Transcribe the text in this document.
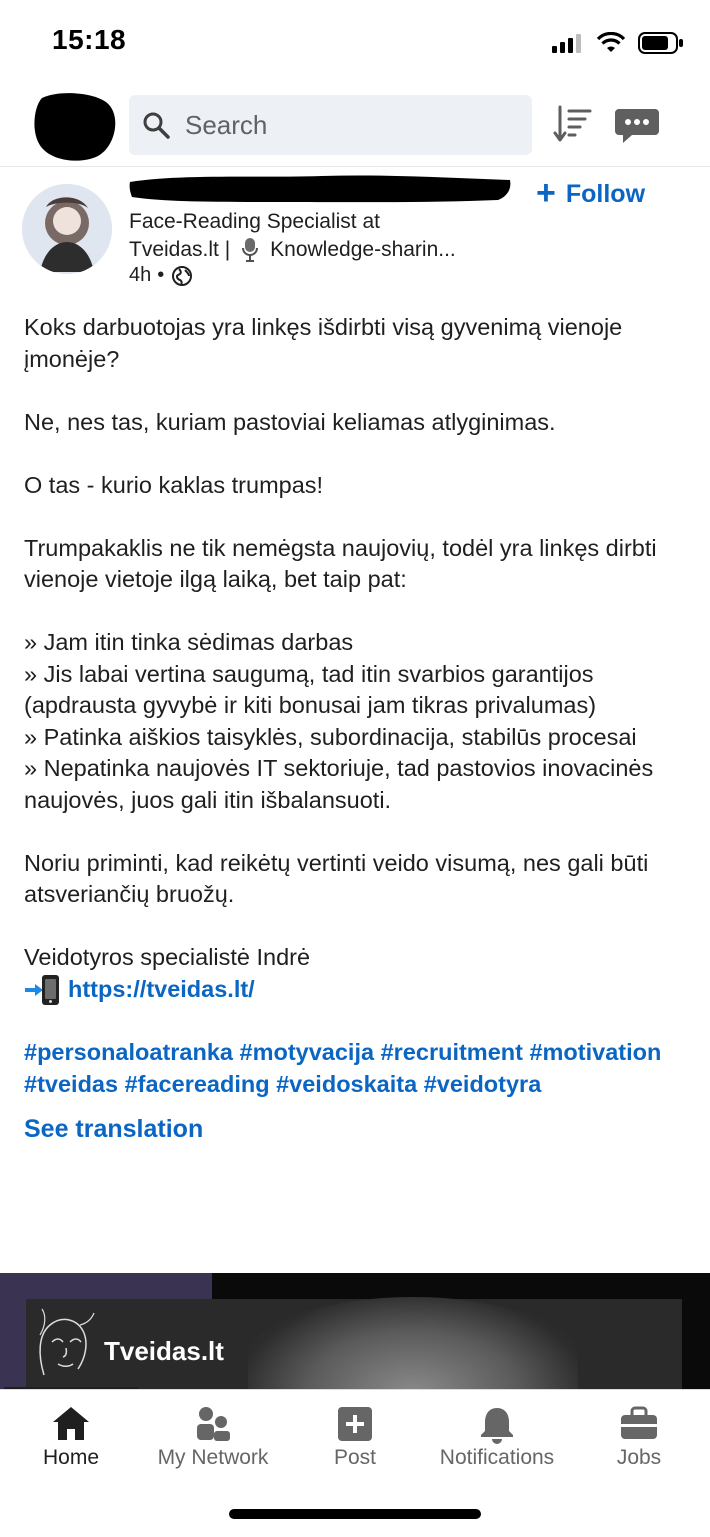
15:18
Search
+ Follow
Face-Reading Specialist at
Tveidas.lt | Knowledge-sharin...
4h •

Koks darbuotojas yra linkęs išdirbti visą gyvenimą vienoje įmonėje?

Ne, nes tas, kuriam pastoviai keliamas atlyginimas.

O tas - kurio kaklas trumpas!

Trumpakaklis ne tik nemėgsta naujovių, todėl yra linkęs dirbti vienoje vietoje ilgą laiką, bet taip pat:

» Jam itin tinka sėdimas darbas

» Jis labai vertina saugumą, tad itin svarbios garantijos (apdrausta gyvybė ir kiti bonusai jam tikras privalumas)

» Patinka aiškios taisyklės, subordinacija, stabilūs procesai

» Nepatinka naujovės IT sektoriuje, tad pastovios inovacinės naujovės, juos gali itin išbalansuoti.

Noriu priminti, kad reikėtų vertinti veido visumą, nes gali būti atsveriančių bruožų.

Veidotyros specialistė Indrė

https://tveidas.lt/

#personaloatranka #motyvacija #recruitment #motivation #tveidas #facereading #veidoskaita #veidotyra

See translation
Tveidas.lt
Home	My Network	Post	Notifications	Jobs
